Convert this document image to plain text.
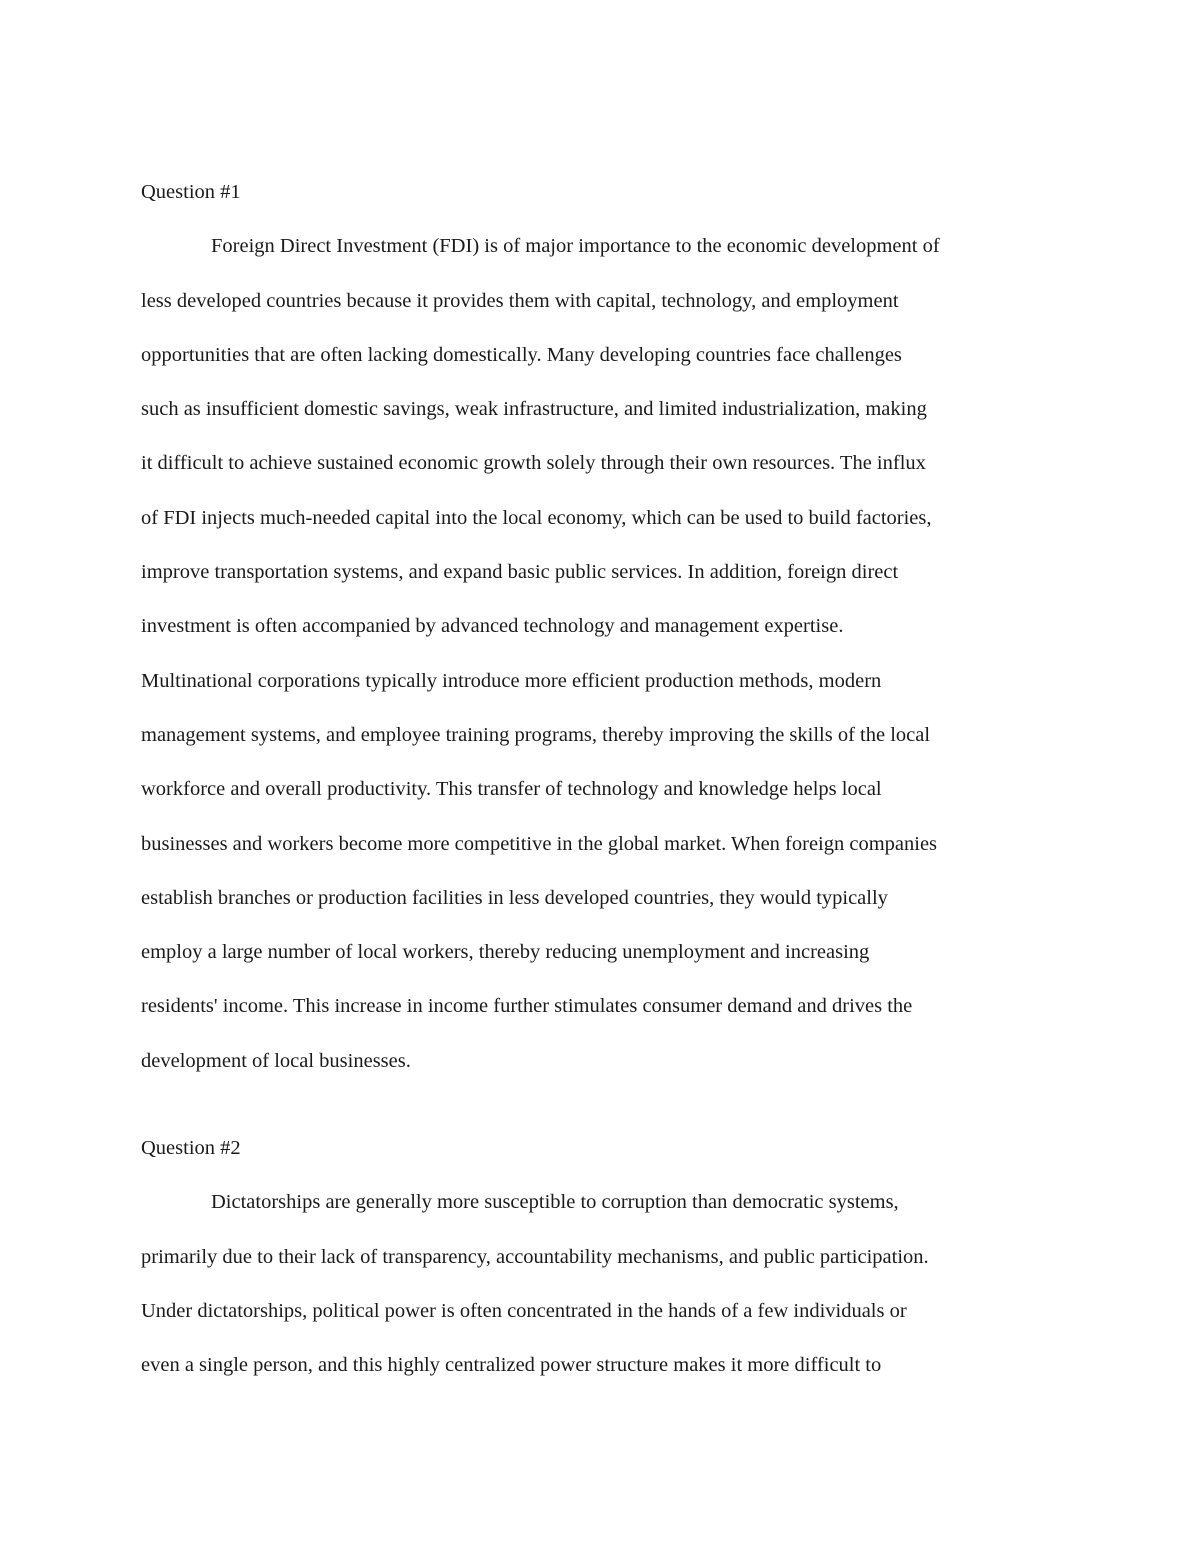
Question #1
Foreign Direct Investment (FDI) is of major importance to the economic development of
less developed countries because it provides them with capital, technology, and employment
opportunities that are often lacking domestically. Many developing countries face challenges
such as insufficient domestic savings, weak infrastructure, and limited industrialization, making
it difficult to achieve sustained economic growth solely through their own resources. The influx
of FDI injects much-needed capital into the local economy, which can be used to build factories,
improve transportation systems, and expand basic public services. In addition, foreign direct
investment is often accompanied by advanced technology and management expertise.
Multinational corporations typically introduce more efficient production methods, modern
management systems, and employee training programs, thereby improving the skills of the local
workforce and overall productivity. This transfer of technology and knowledge helps local
businesses and workers become more competitive in the global market. When foreign companies
establish branches or production facilities in less developed countries, they would typically
employ a large number of local workers, thereby reducing unemployment and increasing
residents' income. This increase in income further stimulates consumer demand and drives the
development of local businesses.
Question #2
Dictatorships are generally more susceptible to corruption than democratic systems,
primarily due to their lack of transparency, accountability mechanisms, and public participation.
Under dictatorships, political power is often concentrated in the hands of a few individuals or
even a single person, and this highly centralized power structure makes it more difficult to
